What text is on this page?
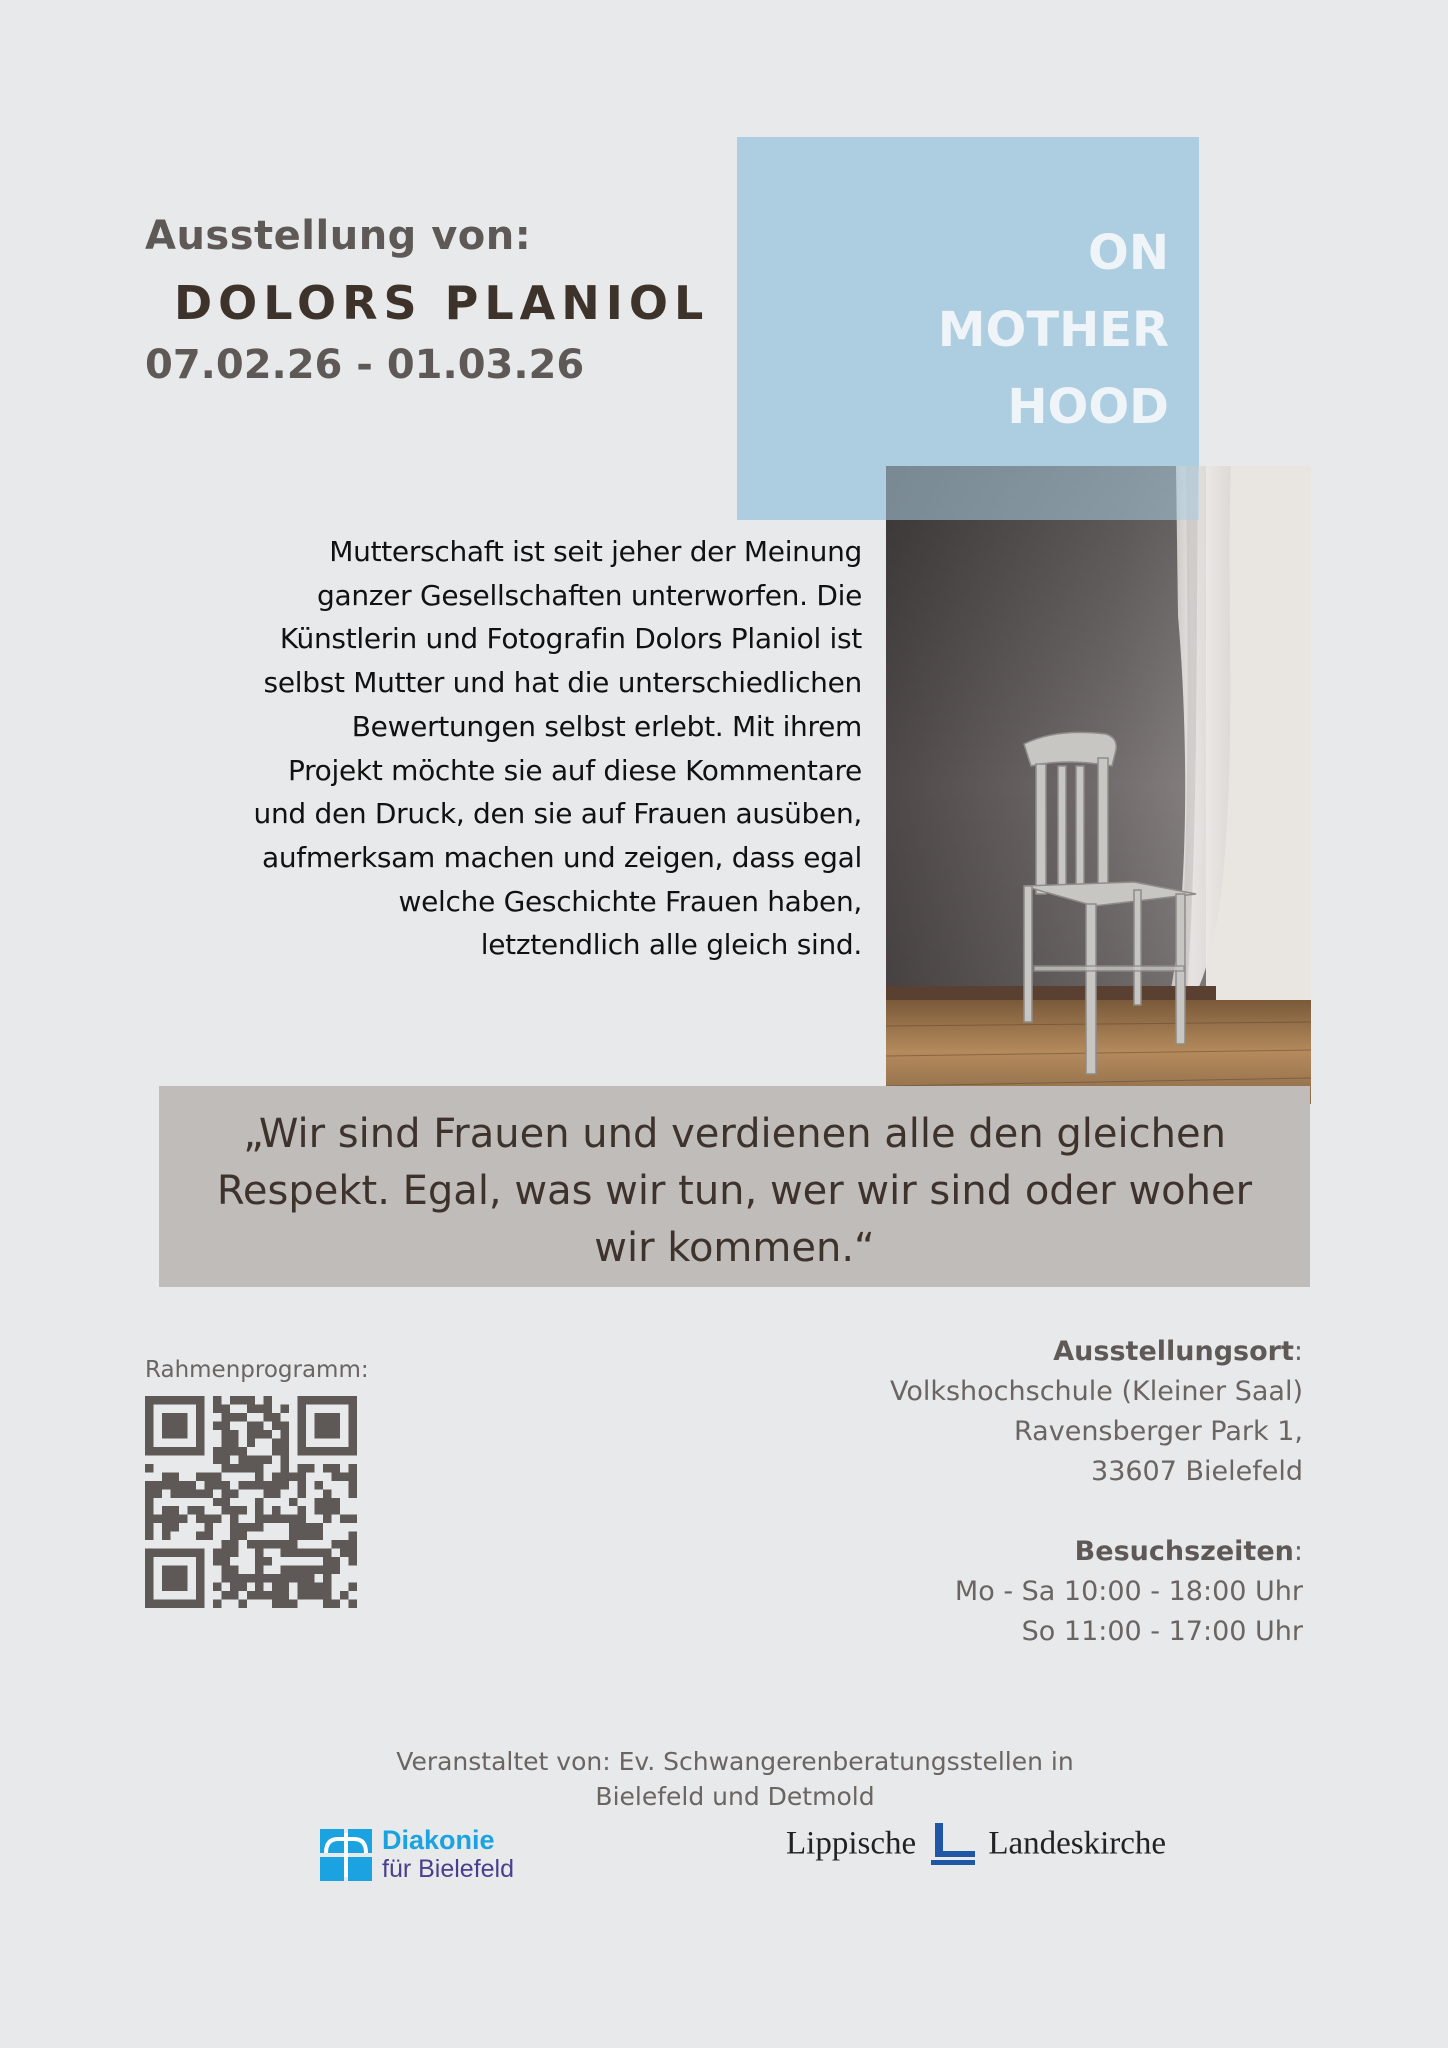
Ausstellung von:
DOLORS PLANIOL
07.02.26 - 01.03.26
ON
MOTHER
HOOD
Mutterschaft ist seit jeher der Meinung ganzer Gesellschaften unterworfen. Die Künstlerin und Fotografin Dolors Planiol ist selbst Mutter und hat die unterschiedlichen Bewertungen selbst erlebt. Mit ihrem Projekt möchte sie auf diese Kommentare und den Druck, den sie auf Frauen ausüben, aufmerksam machen und zeigen, dass egal welche Geschichte Frauen haben, letztendlich alle gleich sind.
„Wir sind Frauen und verdienen alle den gleichen Respekt. Egal, was wir tun, wer wir sind oder woher wir kommen.“
Rahmenprogramm:
Ausstellungsort:
Volkshochschule (Kleiner Saal)
Ravensberger Park 1,
33607 Bielefeld
Besuchszeiten:
Mo - Sa 10:00 - 18:00 Uhr
So 11:00 - 17:00 Uhr
Veranstaltet von: Ev. Schwangerenberatungsstellen in
Bielefeld und Detmold
Diakonie
für Bielefeld
Lippische Landeskirche
